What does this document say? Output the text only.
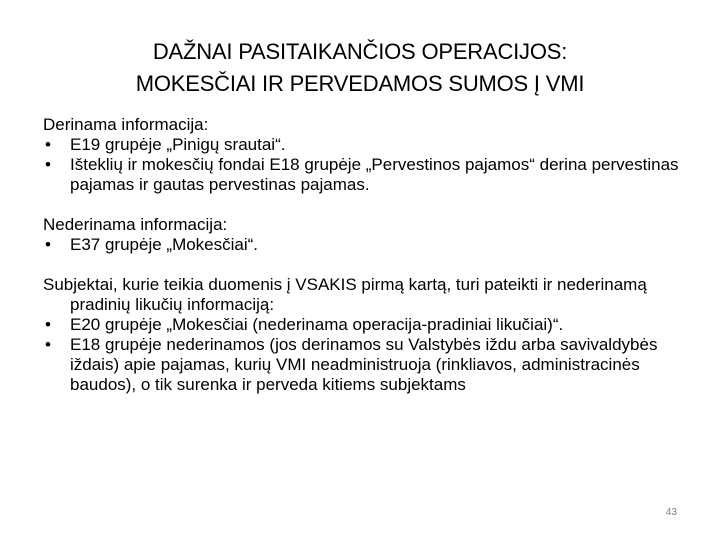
DAŽNAI PASITAIKANČIOS OPERACIJOS:
MOKESČIAI IR PERVEDAMOS SUMOS Į VMI

Derinama informacija:

• E19 grupėje „Pinigų srautai“.
• Išteklių ir mokesčių fondai E18 grupėje „Pervestinos pajamos“ derina pervestinas pajamas ir gautas pervestinas pajamas.

Nederinama informacija:

• E37 grupėje „Mokesčiai“.

Subjektai, kurie teikia duomenis į VSAKIS pirmą kartą, turi pateikti ir nederinamą pradinių likučių informaciją:

• E20 grupėje „Mokesčiai (nederinama operacija-pradiniai likučiai)“.
• E18 grupėje nederinamos (jos derinamos su Valstybės iždu arba savivaldybės iždais) apie pajamas, kurių VMI neadministruoja (rinkliavos, administracinės baudos), o tik surenka ir perveda kitiems subjektams
43
